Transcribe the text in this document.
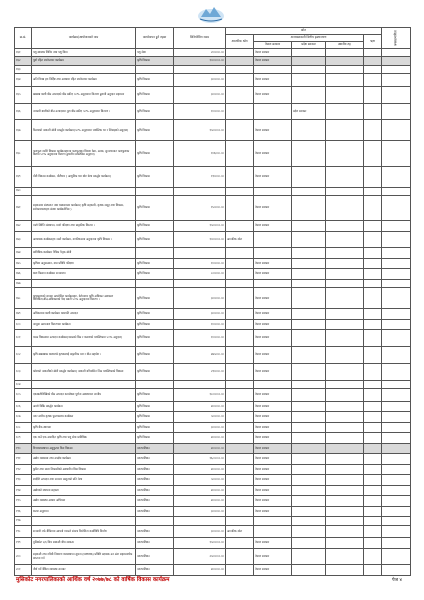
क्र.सं.	कार्यक्रम/आयोजनाको नाम	कार्यान्वयन हुने तहमा	विनियोजित रकम	स्रोत					जनसहभागिता
				आन्तरिक श्रोत	अन्तरसरकारी वित्तीय हस्तान्तरण			ऋण	
					नेपाल सरकार	प्रदेश सरकार	स्थानीय तह		
१६१	पशु स्वास्थ्य शिविर तथा पशु बिमा	पशु सेवा	२०००००.००		नेपाल सरकार				
१६२	पूर्वा रहित स्वरोजगार कार्यक्रम	कृषि विकास	१००००००.००		नेपाल सरकार				
१६३									
१६४	अति विपन्न हरु निर्दिष्ट तथा अवधारा रहित स्वरोजगार कार्यक्रम	कृषि विकास	३०००००.००		नेपाल सरकार				
१६५	खाद्यान्न बाली बीउ उत्पादको बीउ खरिद ५०% अनुदानमा बितरण ढुवानी अनुदान सहायता	कृषि विकास	३०००००.००		नेपाल सरकार				
१६६	तरकारी बालीको बीउ उत्पादनमा मुल बीउ खरिद ५०% अनुदानमा बितरण ।	कृषि विकास	१०००००.००			प्रदेश सरकार			
१६७	फिल्डको तरकारी खेती प्रवर्द्धन कार्यक्रम(५०% अनुदानमा प्लास्टिक घर र सिंचाइको अनुदान)	कृषि विकास	१५०००००.००		नेपाल सरकार				
१६८	फलफूल नर्सरी विकास कार्यक्रमहरुमा फलफूलका बिरुवा केरा, अम्बा, सुन्तलाजात फलफूलका बिरुवा ५०% अनुदानमा वितरण ढुवानीत ग्राफ्टेडिङ अनुदान)	कृषि विकास	१०६०००.००		नेपाल सरकार				
१६९	मौरी विकास कार्यक्रम, मौरीघार ( आधुनिक घार बोरु बेला प्रवर्द्धन कार्यक्रम)	कृषि विकास	११००००.००		नेपाल सरकार				
१७०									
१७१	सहकारमा संस्थागत तथा व्यवसायमा कार्यक्रम( कृषि सहकारी, कृषक समूह तथा विकास, सरोकारवालाहरु संस्था कार्यक्रमेत्रिय )	कृषि विकास	१५००००.००		नेपाल सरकार				
१७२	माटो स्थिति संस्थापन, माटो परिक्षण तथा प्राङ्गारिक विस्तार ।	कृषि विकास	१५०००००.००		नेपाल सरकार				
१७३	आवश्यक कार्यक्रमहरु जस्तै कार्यक्रम, नागरिकसमा अनुदानमा कृषि विकास ।	कृषि विकास	१००००००.००	आन्तरिक श्रोत					
१७४	प्राविधिक कार्यक्रम पैत्रिक पैतृक खेती								
१७५	कृषिमा अनुसन्धान, नया प्रविधि परिक्षण	कृषि विकास	१०००००.००		नेपाल सरकार				
१७६	बाल किसान कार्यक्रम सञ्चालन	कृषि विकास	८०००००.००		नेपाल सरकार				
१७७									
१७८	कृषकहरुको ज्ञानमा अधारेसित कार्यक्रमहरु, बेरोजगार कृषि अधिकार अवकाश विविधिता,बीउ,अधिकारको पैदा खाती ५०% अनुदानमा वितरण ।	कृषि विकास	३०००००.००		नेपाल सरकार				
१७९	अधिकारमा बाली कार्यक्रम वनस्पति उत्पादन	कृषि विकास	३०००००.००		नेपाल सरकार				
१८०	जामुना अस्पताल बितरणमा कार्यक्रम	कृषि विकास	१०००००.००		नेपाल सरकार				
१८१	च्याउ विकासमा उत्पादन कार्यक्रम(च्याउको बिउ र कमलको प्लास्टिकमा ५०% अनुदान)	कृषि विकास	१०००००.००		नेपाल सरकार				
१८२	कृषि खद्यान्नका बालमध्ये कृषकलाई प्राङ्गारिक मल र बीउ सहयोग ।	कृषि विकास	४४५०००.००		नेपाल सरकार				
१८३	कोशको तरकारीको खेती प्रवर्द्धन कार्यक्रम( तरकारी बगैंचासित जिउ प्लास्टिकको विकास	कृषि विकास	२१००००.००		नेपाल सरकार				
१८४									
१८५	एकबाटोलिखिको बीउ उत्पादन कम्प्लेक्स पूर्णता अवस्थापन जातीय	कृषि विकास	१८०००००.००		नेपाल सरकार				
१८६	आलो बिक्रि प्रवर्द्धन कार्यक्रम	कृषि विकास	४०००००.००		नेपाल सरकार				
१८७	नगर स्तरीय कृषक पुस्तकालय कार्यक्रम	कृषि विकास	५०००००.००		नेपाल सरकार				
१८८	कृषि बैंक स्थापना	कृषि विकास	३०००००.००		नेपाल सरकार				
१८९	एक गाउँ एक उत्पादित कृषि तथा पशु सेवा प्राविधिक	कृषि विकास	४०००००.००		नेपाल सरकार				
१९०	वित्तव्यवस्थापन अनुकुलन विस विकास	नगरपालिका	४०००००.००		नेपाल सरकार				
१९१	उद्योग व्यवसाय तथा उपक्षेत्र कार्यक्रम	नगरपालिका	१६८००००.००		नेपाल सरकार				
१९२	कुटिर तथा साना निकासीको अवधारित बिस विकास	नगरपालिका	४०००००.००		नेपाल सरकार				
१९३	स्वदेशि उत्पादन तथा सञ्चार प्रस्तुतको प्रति मेला	नगरपालिका	५०००००.००		नेपाल सरकार				
१९४	उद्योगको स्थापना सहयता	नगरपालिका	४०००००.००		नेपाल सरकार				
१९५	उद्योग व्यवस्था आधार अभियान	नगरपालिका	४०००००.००		नेपाल सरकार				
१९६	बजार अनुगमन	नगरपालिका	३०००००.००		नेपाल सरकार				
१९७									
१९८	सञ्चारी तर्फ बैकिंगमा आफ्नो गराउने संयन्त्र निमोनिता कार्यविधि निर्माण	नगरपालिका	३०००००.००	आन्तरिक श्रोत					
१९९	मुसिकोट ५/६ बिच साकारी बीच सम्बन्ध	नगरपालिका	१५०००००.००		नेपाल सरकार				
२००	सहकारी तथा गरिबी निवारण व्यवस्थापन सूचना (CPMIS) प्रविष्टि प्रदायक उन अंश सहायतार्थक प्राप्तता गर्न	नगरपालिका	२५०००००.००		नेपाल सरकार				
२०१	तीर्थ गर्ने बैंकिग व्यवस्था सञ्चार	नगरपालिका	४०००००.००		नेपाल सरकार				
मुसिकोट नगरपालिकाको आर्थिक वर्ष २०७७/७८ को वार्षिक विकास कार्यक्रम	पेज ४
